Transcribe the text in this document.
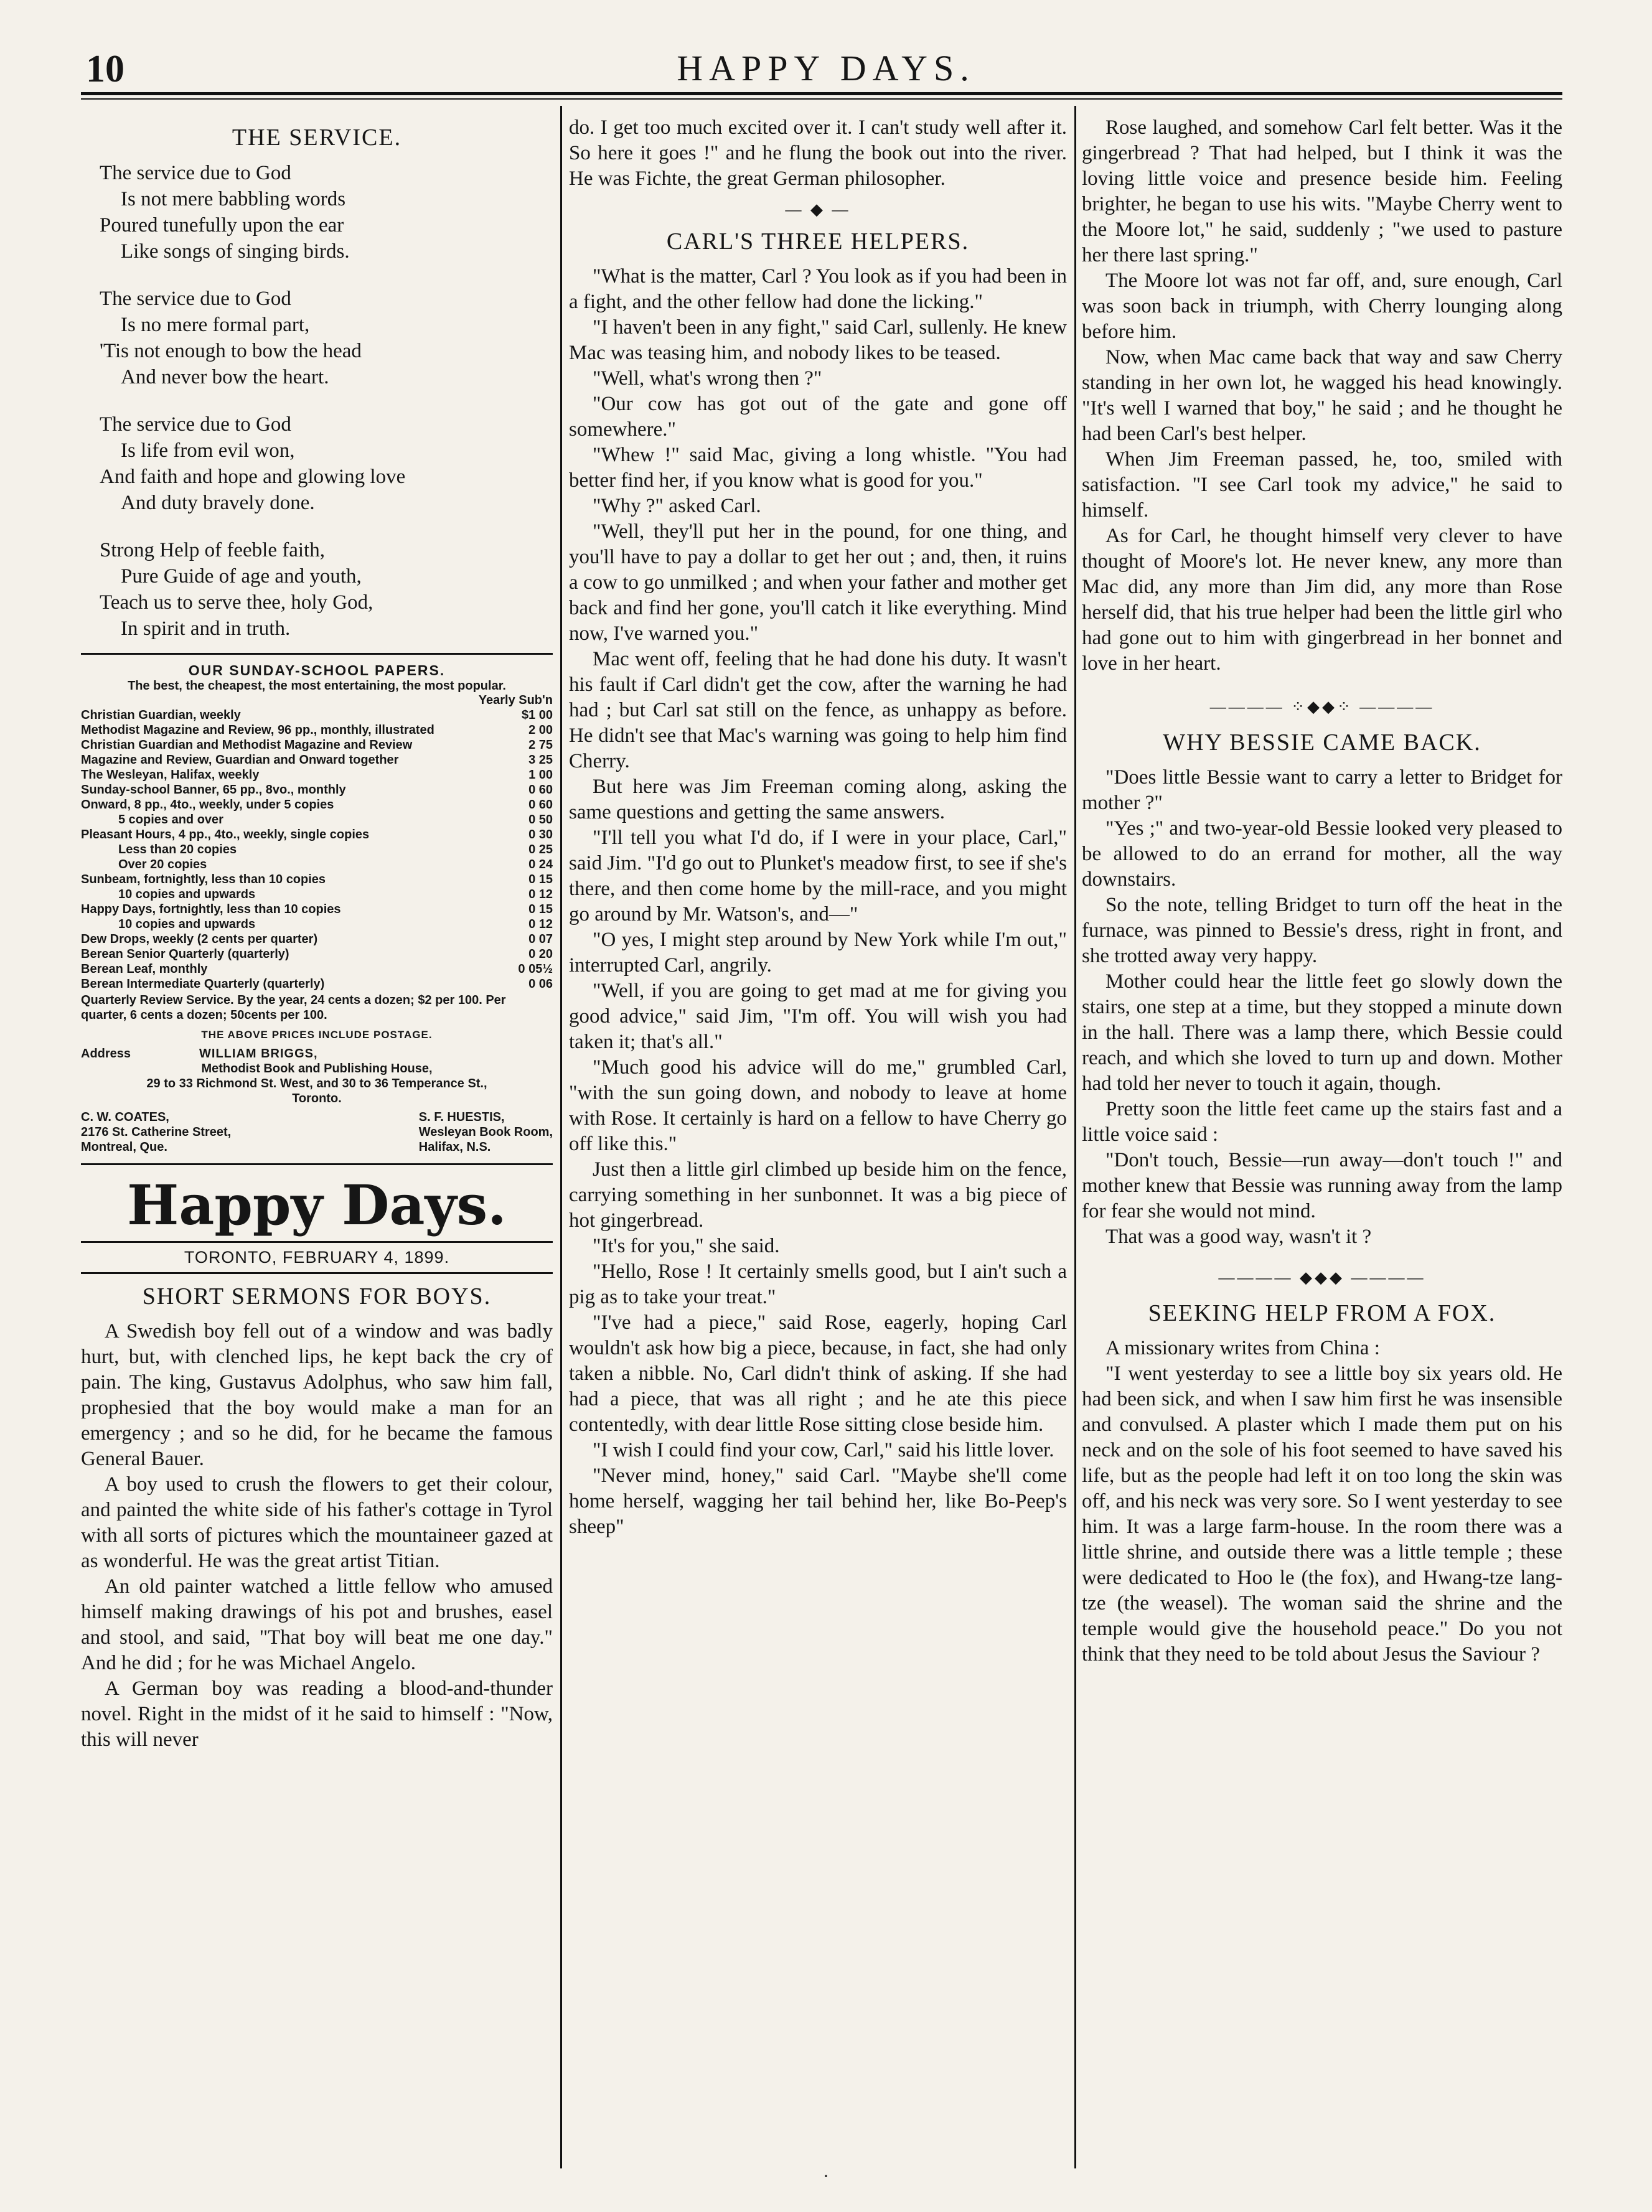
10	HAPPY DAYS.
THE SERVICE.
The service due to God
Is not mere babbling words
Poured tunefully upon the ear
Like songs of singing birds.
The service due to God
Is no mere formal part,
'Tis not enough to bow the head
And never bow the heart.
The service due to God
Is life from evil won,
And faith and hope and glowing love
And duty bravely done.
Strong Help of feeble faith,
Pure Guide of age and youth,
Teach us to serve thee, holy God,
In spirit and in truth.
OUR SUNDAY-SCHOOL PAPERS.
The best, the cheapest, the most entertaining, the most popular.
Yearly Sub'n
Christian Guardian, weekly	$1 00
Methodist Magazine and Review, 96 pp., monthly, illustrated	2 00
Christian Guardian and Methodist Magazine and Review	2 75
Magazine and Review, Guardian and Onward together	3 25
The Wesleyan, Halifax, weekly	1 00
Sunday-school Banner, 65 pp., 8vo., monthly	0 60
Onward, 8 pp., 4to., weekly, under 5 copies	0 60
5 copies and over	0 50
Pleasant Hours, 4 pp., 4to., weekly, single copies	0 30
Less than 20 copies	0 25
Over 20 copies	0 24
Sunbeam, fortnightly, less than 10 copies	0 15
10 copies and upwards	0 12
Happy Days, fortnightly, less than 10 copies	0 15
10 copies and upwards	0 12
Dew Drops, weekly (2 cents per quarter)	0 07
Berean Senior Quarterly (quarterly)	0 20
Berean Leaf, monthly	0 05½
Berean Intermediate Quarterly (quarterly)	0 06
Quarterly Review Service. By the year, 24 cents a dozen; $2 per 100. Per quarter, 6 cents a dozen; 50cents per 100.
THE ABOVE PRICES INCLUDE POSTAGE.
Address	WILLIAM BRIGGS,
Methodist Book and Publishing House,
29 to 33 Richmond St. West, and 30 to 36 Temperance St.,
Toronto.
C. W. COATES,
2176 St. Catherine Street,
Montreal, Que.
S. F. HUESTIS,
Wesleyan Book Room,
Halifax, N.S.
Happy Days.
TORONTO, FEBRUARY 4, 1899.
SHORT SERMONS FOR BOYS.
A Swedish boy fell out of a window and was badly hurt, but, with clenched lips, he kept back the cry of pain. The king, Gustavus Adolphus, who saw him fall, prophesied that the boy would make a man for an emergency ; and so he did, for he became the famous General Bauer.
A boy used to crush the flowers to get their colour, and painted the white side of his father's cottage in Tyrol with all sorts of pictures which the mountaineer gazed at as wonderful. He was the great artist Titian.
An old painter watched a little fellow who amused himself making drawings of his pot and brushes, easel and stool, and said, "That boy will beat me one day." And he did ; for he was Michael Angelo.
A German boy was reading a blood-and-thunder novel. Right in the midst of it he said to himself : "Now, this will never
do. I get too much excited over it. I can't study well after it. So here it goes !" and he flung the book out into the river. He was Fichte, the great German philosopher.
— ◆ —
CARL'S THREE HELPERS.
"What is the matter, Carl ? You look as if you had been in a fight, and the other fellow had done the licking."
"I haven't been in any fight," said Carl, sullenly. He knew Mac was teasing him, and nobody likes to be teased.
"Well, what's wrong then ?"
"Our cow has got out of the gate and gone off somewhere."
"Whew !" said Mac, giving a long whistle. "You had better find her, if you know what is good for you."
"Why ?" asked Carl.
"Well, they'll put her in the pound, for one thing, and you'll have to pay a dollar to get her out ; and, then, it ruins a cow to go unmilked ; and when your father and mother get back and find her gone, you'll catch it like everything. Mind now, I've warned you."
Mac went off, feeling that he had done his duty. It wasn't his fault if Carl didn't get the cow, after the warning he had had ; but Carl sat still on the fence, as unhappy as before. He didn't see that Mac's warning was going to help him find Cherry.
But here was Jim Freeman coming along, asking the same questions and getting the same answers.
"I'll tell you what I'd do, if I were in your place, Carl," said Jim. "I'd go out to Plunket's meadow first, to see if she's there, and then come home by the mill-race, and you might go around by Mr. Watson's, and—"
"O yes, I might step around by New York while I'm out," interrupted Carl, angrily.
"Well, if you are going to get mad at me for giving you good advice," said Jim, "I'm off. You will wish you had taken it; that's all."
"Much good his advice will do me," grumbled Carl, "with the sun going down, and nobody to leave at home with Rose. It certainly is hard on a fellow to have Cherry go off like this."
Just then a little girl climbed up beside him on the fence, carrying something in her sunbonnet. It was a big piece of hot gingerbread.
"It's for you," she said.
"Hello, Rose ! It certainly smells good, but I ain't such a pig as to take your treat."
"I've had a piece," said Rose, eagerly, hoping Carl wouldn't ask how big a piece, because, in fact, she had only taken a nibble. No, Carl didn't think of asking. If she had had a piece, that was all right ; and he ate this piece contentedly, with dear little Rose sitting close beside him.
"I wish I could find your cow, Carl," said his little lover.
"Never mind, honey," said Carl. "Maybe she'll come home herself, wagging her tail behind her, like Bo-Peep's sheep"
Rose laughed, and somehow Carl felt better. Was it the gingerbread ? That had helped, but I think it was the loving little voice and presence beside him. Feeling brighter, he began to use his wits. "Maybe Cherry went to the Moore lot," he said, suddenly ; "we used to pasture her there last spring."
The Moore lot was not far off, and, sure enough, Carl was soon back in triumph, with Cherry lounging along before him.
Now, when Mac came back that way and saw Cherry standing in her own lot, he wagged his head knowingly. "It's well I warned that boy," he said ; and he thought he had been Carl's best helper.
When Jim Freeman passed, he, too, smiled with satisfaction. "I see Carl took my advice," he said to himself.
As for Carl, he thought himself very clever to have thought of Moore's lot. He never knew, any more than Mac did, any more than Jim did, any more than Rose herself did, that his true helper had been the little girl who had gone out to him with gingerbread in her bonnet and love in her heart.
———— ⁘◆◆⁘ ————
WHY BESSIE CAME BACK.
"Does little Bessie want to carry a letter to Bridget for mother ?"
"Yes ;" and two-year-old Bessie looked very pleased to be allowed to do an errand for mother, all the way downstairs.
So the note, telling Bridget to turn off the heat in the furnace, was pinned to Bessie's dress, right in front, and she trotted away very happy.
Mother could hear the little feet go slowly down the stairs, one step at a time, but they stopped a minute down in the hall. There was a lamp there, which Bessie could reach, and which she loved to turn up and down. Mother had told her never to touch it again, though.
Pretty soon the little feet came up the stairs fast and a little voice said :
"Don't touch, Bessie—run away—don't touch !" and mother knew that Bessie was running away from the lamp for fear she would not mind.
That was a good way, wasn't it ?
———— ◆◆◆ ————
SEEKING HELP FROM A FOX.
A missionary writes from China :
"I went yesterday to see a little boy six years old. He had been sick, and when I saw him first he was insensible and convulsed. A plaster which I made them put on his neck and on the sole of his foot seemed to have saved his life, but as the people had left it on too long the skin was off, and his neck was very sore. So I went yesterday to see him. It was a large farm-house. In the room there was a little shrine, and outside there was a little temple ; these were dedicated to Hoo le (the fox), and Hwang-tze lang-tze (the weasel). The woman said the shrine and the temple would give the household peace." Do you not think that they need to be told about Jesus the Saviour ?
·
